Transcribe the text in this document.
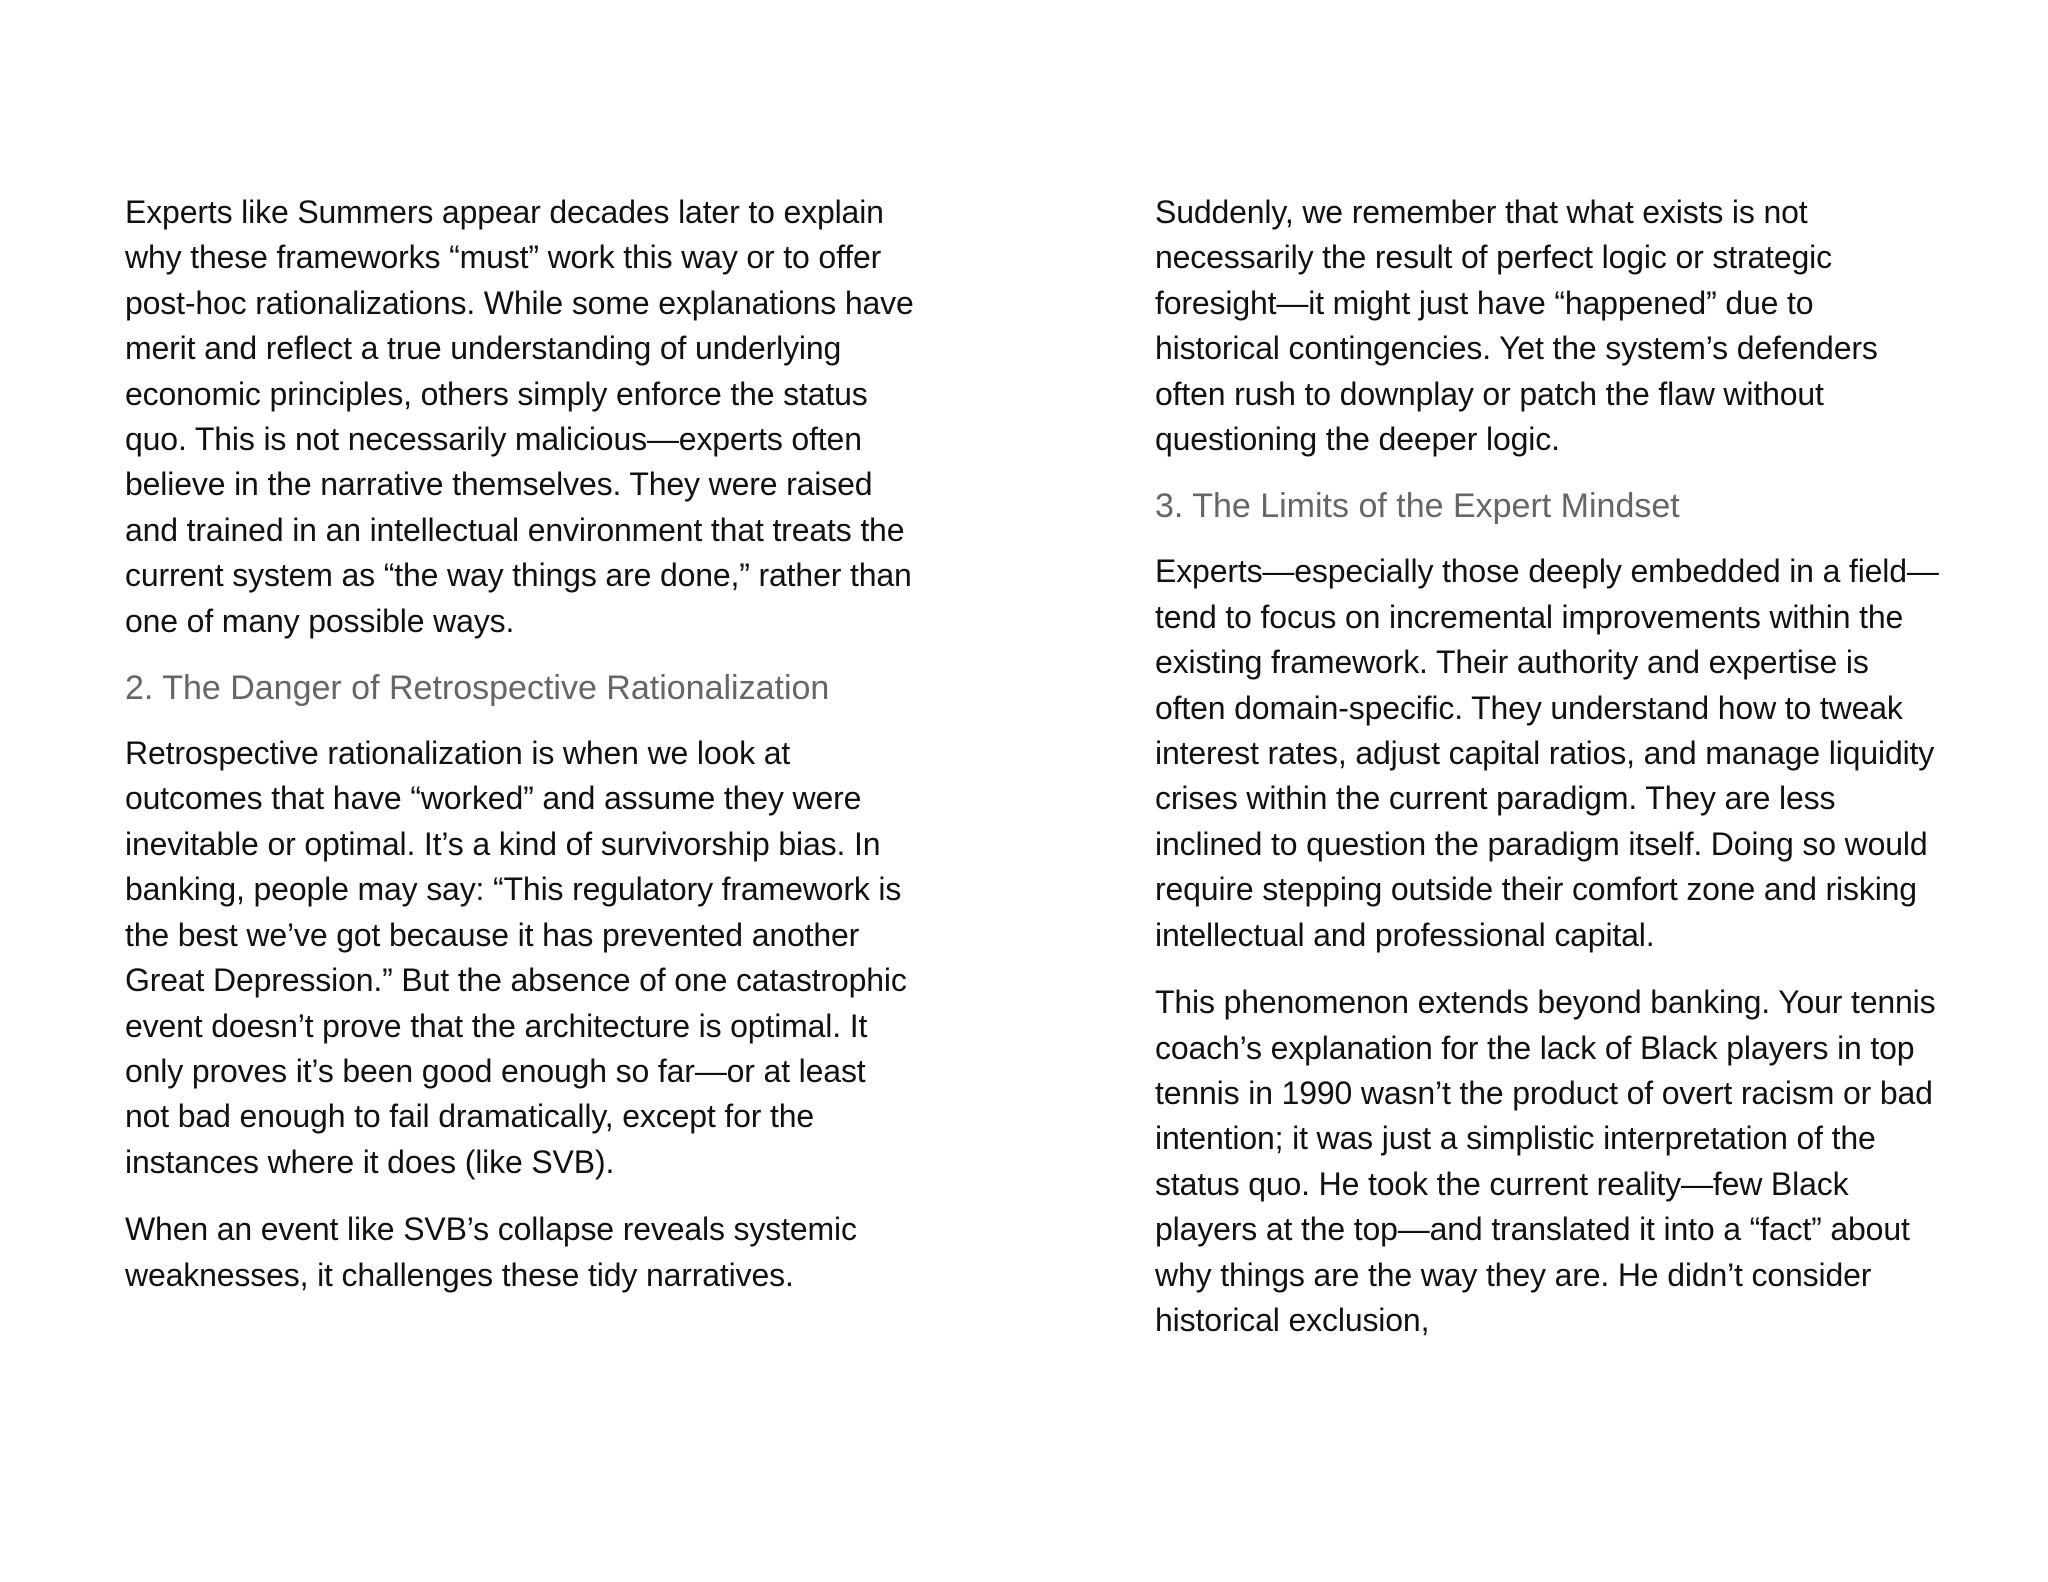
Experts like Summers appear decades later to explain why these frameworks “must” work this way or to offer post-hoc rationalizations. While some explanations have merit and reflect a true understanding of underlying economic principles, others simply enforce the status quo. This is not necessarily malicious—experts often believe in the narrative themselves. They were raised and trained in an intellectual environment that treats the current system as “the way things are done,” rather than one of many possible ways.

2. The Danger of Retrospective Rationalization

Retrospective rationalization is when we look at outcomes that have “worked” and assume they were inevitable or optimal. It’s a kind of survivorship bias. In banking, people may say: “This regulatory framework is the best we’ve got because it has prevented another Great Depression.” But the absence of one catastrophic event doesn’t prove that the architecture is optimal. It only proves it’s been good enough so far—or at least not bad enough to fail dramatically, except for the instances where it does (like SVB).

When an event like SVB’s collapse reveals systemic weaknesses, it challenges these tidy narratives.

Suddenly, we remember that what exists is not necessarily the result of perfect logic or strategic foresight—it might just have “happened” due to historical contingencies. Yet the system’s defenders often rush to downplay or patch the flaw without questioning the deeper logic.

3. The Limits of the Expert Mindset

Experts—especially those deeply embedded in a field—tend to focus on incremental improvements within the existing framework. Their authority and expertise is often domain-specific. They understand how to tweak interest rates, adjust capital ratios, and manage liquidity crises within the current paradigm. They are less inclined to question the paradigm itself. Doing so would require stepping outside their comfort zone and risking intellectual and professional capital.

This phenomenon extends beyond banking. Your tennis coach’s explanation for the lack of Black players in top tennis in 1990 wasn’t the product of overt racism or bad intention; it was just a simplistic interpretation of the status quo. He took the current reality—few Black players at the top—and translated it into a “fact” about why things are the way they are. He didn’t consider historical exclusion,
